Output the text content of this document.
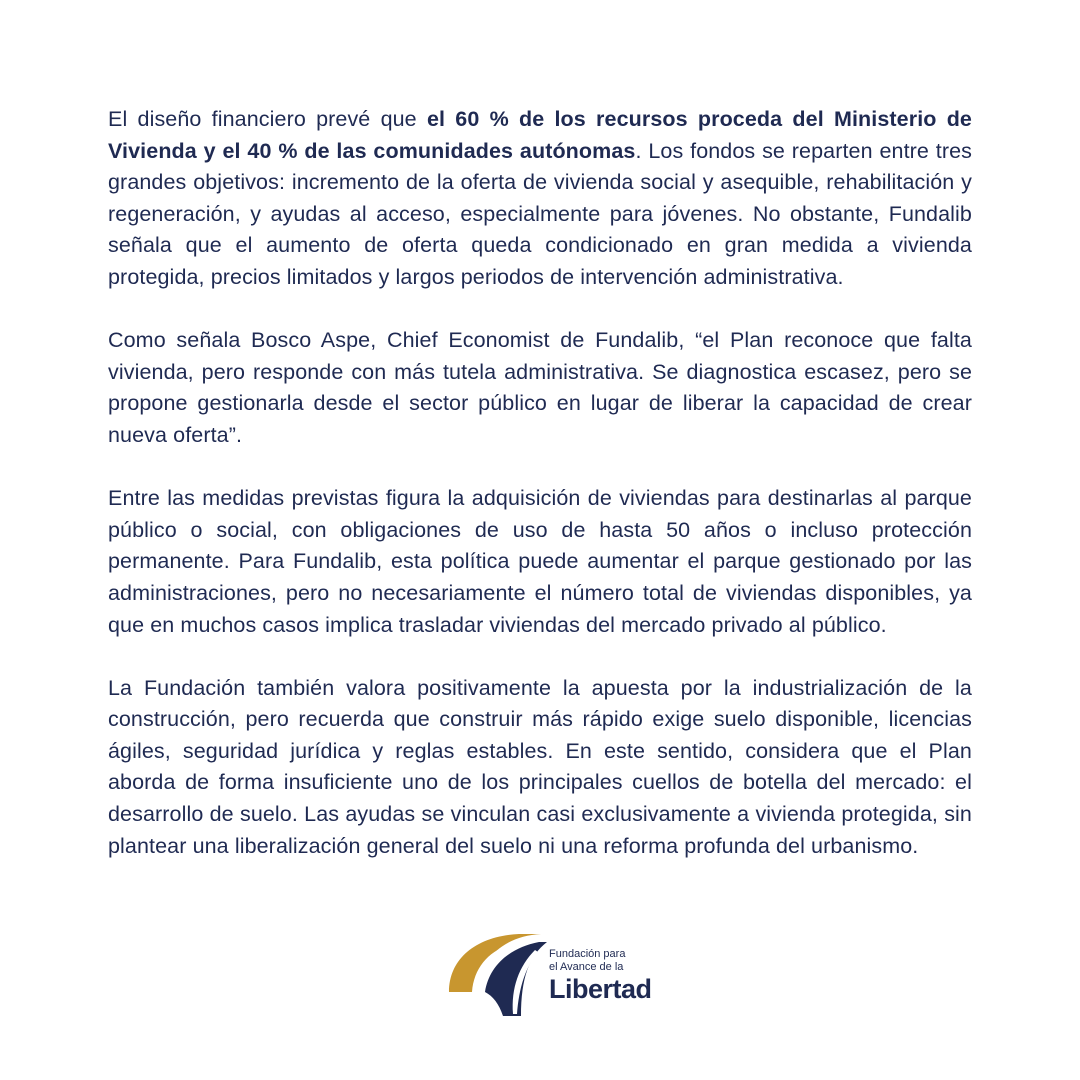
El diseño financiero prevé que el 60 % de los recursos proceda del Ministerio de Vivienda y el 40 % de las comunidades autónomas. Los fondos se reparten entre tres grandes objetivos: incremento de la oferta de vivienda social y asequible, rehabilitación y regeneración, y ayudas al acceso, especialmente para jóvenes. No obstante, Fundalib señala que el aumento de oferta queda condicionado en gran medida a vivienda protegida, precios limitados y largos periodos de intervención administrativa.

Como señala Bosco Aspe, Chief Economist de Fundalib, “el Plan reconoce que falta vivienda, pero responde con más tutela administrativa. Se diagnostica escasez, pero se propone gestionarla desde el sector público en lugar de liberar la capacidad de crear nueva oferta”.

Entre las medidas previstas figura la adquisición de viviendas para destinarlas al parque público o social, con obligaciones de uso de hasta 50 años o incluso protección permanente. Para Fundalib, esta política puede aumentar el parque gestionado por las administraciones, pero no necesariamente el número total de viviendas disponibles, ya que en muchos casos implica trasladar viviendas del mercado privado al público.

La Fundación también valora positivamente la apuesta por la industrialización de la construcción, pero recuerda que construir más rápido exige suelo disponible, licencias ágiles, seguridad jurídica y reglas estables. En este sentido, considera que el Plan aborda de forma insuficiente uno de los principales cuellos de botella del mercado: el desarrollo de suelo. Las ayudas se vinculan casi exclusivamente a vivienda protegida, sin plantear una liberalización general del suelo ni una reforma profunda del urbanismo.

Fundación para
el Avance de la
Libertad
